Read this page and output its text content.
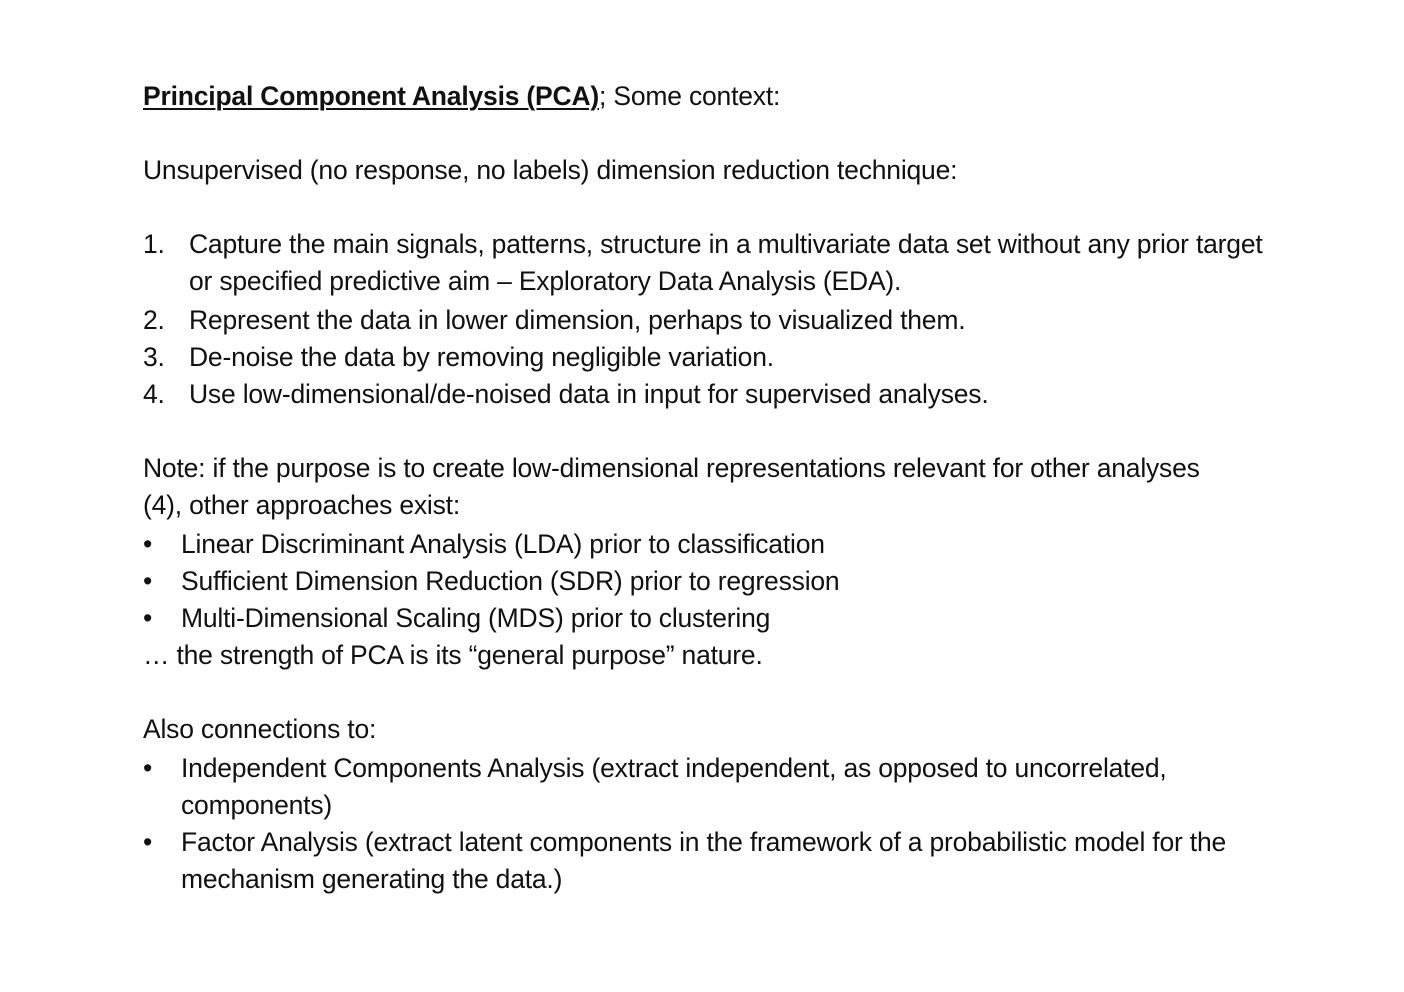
Principal Component Analysis (PCA); Some context:

Unsupervised (no response, no labels) dimension reduction technique:

1. Capture the main signals, patterns, structure in a multivariate data set without any prior target or specified predictive aim – Exploratory Data Analysis (EDA).
2. Represent the data in lower dimension, perhaps to visualized them.
3. De-noise the data by removing negligible variation.
4. Use low-dimensional/de-noised data in input for supervised analyses.

Note: if the purpose is to create low-dimensional representations relevant for other analyses (4), other approaches exist:

•	Linear Discriminant Analysis (LDA) prior to classification
•	Sufficient Dimension Reduction (SDR) prior to regression
•	Multi-Dimensional Scaling (MDS) prior to clustering

… the strength of PCA is its “general purpose” nature.

Also connections to:

•	Independent Components Analysis (extract independent, as opposed to uncorrelated, components)
•	Factor Analysis (extract latent components in the framework of a probabilistic model for the mechanism generating the data.)
